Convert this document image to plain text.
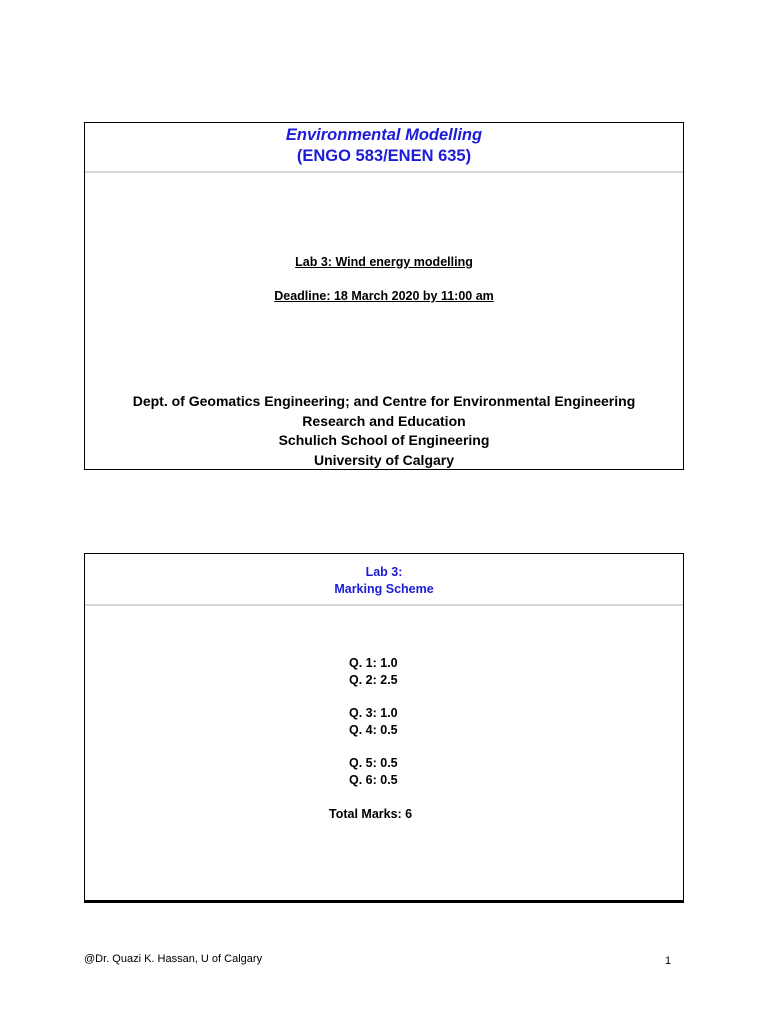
Environmental Modelling
(ENGO 583/ENEN 635)
Lab 3: Wind energy modelling
Deadline: 18 March 2020 by 11:00 am
Dept. of Geomatics Engineering; and Centre for Environmental Engineering
Research and Education
Schulich School of Engineering
University of Calgary
Lab 3:
Marking Scheme
Q. 1: 1.0
Q. 2: 2.5
Q. 3: 1.0
Q. 4: 0.5
Q. 5: 0.5
Q. 6: 0.5
Total Marks: 6
@Dr. Quazi K. Hassan, U of Calgary	1
